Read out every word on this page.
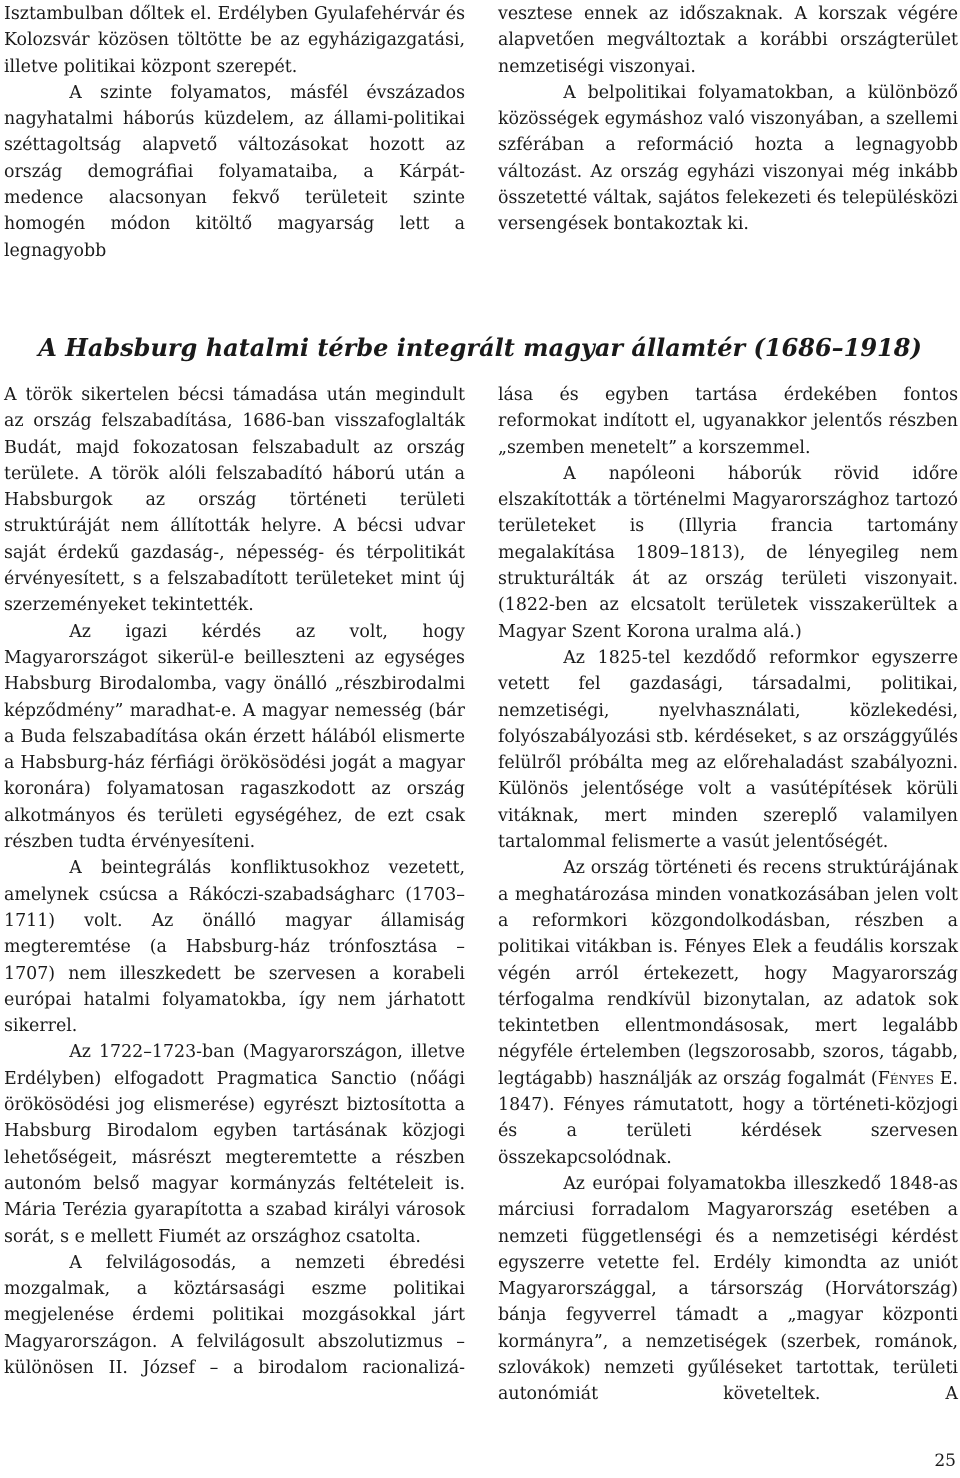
Isztambulban dőltek el. Erdélyben Gyulafehérvár és Kolozsvár közösen töltötte be az egyházigazgatási, illetve politikai központ szerepét.

A szinte folyamatos, másfél évszázados nagyhatalmi háborús küzdelem, az állami-politikai széttagoltság alapvető változásokat hozott az ország demográfiai folyamataiba, a Kárpát-medence alacsonyan fekvő területeit szinte homogén módon kitöltő magyarság lett a legnagyobb

vesztese ennek az időszaknak. A korszak végére alapvetően megváltoztak a korábbi országterület nemzetiségi viszonyai.

A belpolitikai folyamatokban, a különböző közösségek egymáshoz való viszonyában, a szellemi szférában a reformáció hozta a legnagyobb változást. Az ország egyházi viszonyai még inkább összetetté váltak, sajátos felekezeti és településközi versengések bontakoztak ki.

A Habsburg hatalmi térbe integrált magyar államtér (1686–1918)

A török sikertelen bécsi támadása után megindult az ország felszabadítása, 1686-ban visszafoglalták Budát, majd fokozatosan felszabadult az ország területe. A török alóli felszabadító háború után a Habsburgok az ország történeti területi struktúráját nem állították helyre. A bécsi udvar saját érdekű gazdaság-, népesség- és térpolitikát érvényesített, s a felszabadított területeket mint új szerzeményeket tekintették.

Az igazi kérdés az volt, hogy Magyarországot sikerül-e beilleszteni az egységes Habsburg Birodalomba, vagy önálló „részbirodalmi képződmény” maradhat-e. A magyar nemesség (bár a Buda felszabadítása okán érzett hálából elismerte a Habsburg-ház férfiági örökösödési jogát a magyar koronára) folyamatosan ragaszkodott az ország alkotmányos és területi egységéhez, de ezt csak részben tudta érvényesíteni.

A beintegrálás konfliktusokhoz vezetett, amelynek csúcsa a Rákóczi-szabadságharc (1703–1711) volt. Az önálló magyar államiság megteremtése (a Habsburg-ház trónfosztása – 1707) nem illeszkedett be szervesen a korabeli európai hatalmi folyamatokba, így nem járhatott sikerrel.

Az 1722–1723-ban (Magyarországon, illetve Erdélyben) elfogadott Pragmatica Sanctio (nőági örökösödési jog elismerése) egyrészt biztosította a Habsburg Birodalom egyben tartásának közjogi lehetőségeit, másrészt megteremtette a részben autonóm belső magyar kormányzás feltételeit is. Mária Terézia gyarapította a szabad királyi városok sorát, s e mellett Fiumét az országhoz csatolta.

A felvilágosodás, a nemzeti ébredési mozgalmak, a köztársasági eszme politikai megjelenése érdemi politikai mozgásokkal járt Magyarországon. A felvilágosult abszolutizmus – különösen II. József – a birodalom racionalizá-

lása és egyben tartása érdekében fontos reformokat indított el, ugyanakkor jelentős részben „szemben menetelt” a korszemmel.

A napóleoni háborúk rövid időre elszakították a történelmi Magyarországhoz tartozó területeket is (Illyria francia tartomány megalakítása 1809–1813), de lényegileg nem strukturálták át az ország területi viszonyait. (1822-ben az elcsatolt területek visszakerültek a Magyar Szent Korona uralma alá.)

Az 1825-tel kezdődő reformkor egyszerre vetett fel gazdasági, társadalmi, politikai, nemzetiségi, nyelvhasználati, közlekedési, folyószabályozási stb. kérdéseket, s az országgyűlés felülről próbálta meg az előrehaladást szabályozni. Különös jelentősége volt a vasútépítések körüli vitáknak, mert minden szereplő valamilyen tartalommal felismerte a vasút jelentőségét.

Az ország történeti és recens struktúrájának a meghatározása minden vonatkozásában jelen volt a reformkori közgondolkodásban, részben a politikai vitákban is. Fényes Elek a feudális korszak végén arról értekezett, hogy Magyarország térfogalma rendkívül bizonytalan, az adatok sok tekintetben ellentmondásosak, mert legalább négyféle értelemben (legszorosabb, szoros, tágabb, legtágabb) használják az ország fogalmát (Fényes E. 1847). Fényes rámutatott, hogy a történeti-közjogi és a területi kérdések szervesen összekapcsolódnak.

Az európai folyamatokba illeszkedő 1848-as márciusi forradalom Magyarország esetében a nemzeti függetlenségi és a nemzetiségi kérdést egyszerre vetette fel. Erdély kimondta az uniót Magyarországgal, a társország (Horvátország) bánja fegyverrel támadt a „magyar központi kormányra”, a nemzetiségek (szerbek, románok, szlovákok) nemzeti gyűléseket tartottak, területi autonómiát követeltek. A

25
